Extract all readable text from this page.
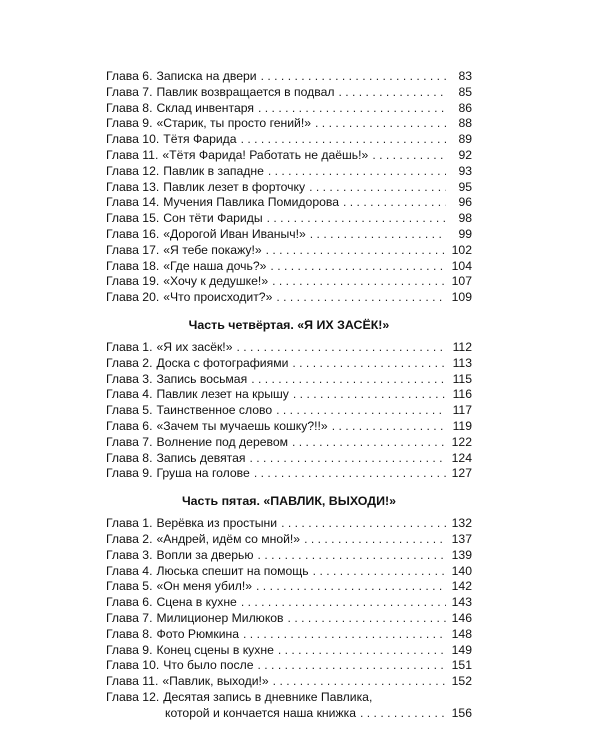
Глава 6. Записка на двери . . .	83
Глава 7. Павлик возвращается в подвал . . .	85
Глава 8. Склад инвентаря . . .	86
Глава 9. «Старик, ты просто гений!» . . .	88
Глава 10. Тётя Фарида . . .	89
Глава 11. «Тётя Фарида! Работать не даёшь!» . . .	92
Глава 12. Павлик в западне . . .	93
Глава 13. Павлик лезет в форточку . . .	95
Глава 14. Мучения Павлика Помидорова . . .	96
Глава 15. Сон тёти Фариды . . .	98
Глава 16. «Дорогой Иван Иваныч!» . . .	99
Глава 17. «Я тебе покажу!» . . .	102
Глава 18. «Где наша дочь?» . . .	104
Глава 19. «Хочу к дедушке!» . . .	107
Глава 20. «Что происходит?» . . .	109
Часть четвёртая. «Я ИХ ЗАСЁК!»
Глава 1. «Я их засёк!» . . .	112
Глава 2. Доска с фотографиями . . .	113
Глава 3. Запись восьмая . . .	115
Глава 4. Павлик лезет на крышу . . .	116
Глава 5. Таинственное слово . . .	117
Глава 6. «Зачем ты мучаешь кошку?!!» . . .	119
Глава 7. Волнение под деревом . . .	122
Глава 8. Запись девятая . . .	124
Глава 9. Груша на голове . . .	127
Часть пятая. «ПАВЛИК, ВЫХОДИ!»
Глава 1. Верёвка из простыни . . .	132
Глава 2. «Андрей, идём со мной!» . . .	137
Глава 3. Вопли за дверью . . .	139
Глава 4. Люська спешит на помощь . . .	140
Глава 5. «Он меня убил!» . . .	142
Глава 6. Сцена в кухне . . .	143
Глава 7. Милиционер Милюков . . .	146
Глава 8. Фото Рюмкина . . .	148
Глава 9. Конец сцены в кухне . . .	149
Глава 10. Что было после . . .	151
Глава 11. «Павлик, выходи!» . . .	152
Глава 12. Десятая запись в дневнике Павлика,
которой и кончается наша книжка . . .	156
